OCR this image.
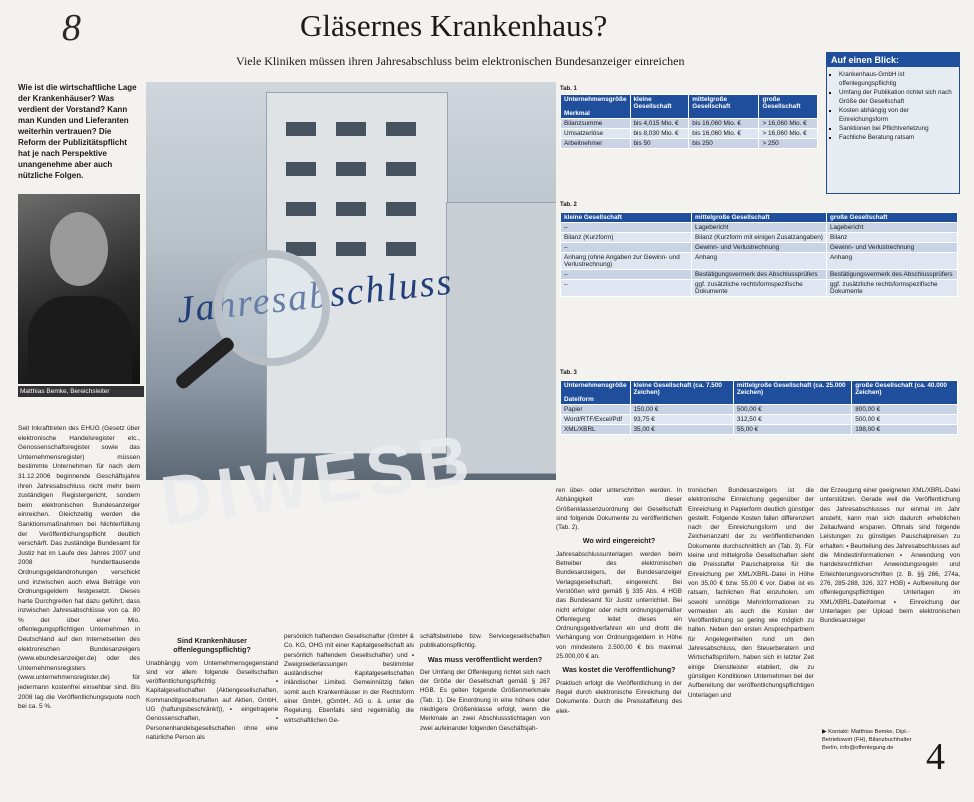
8	Gläsernes Krankenhaus?
Viele Kliniken müssen ihren Jahresabschluss beim elektronischen Bundesanzeiger einreichen
Wie ist die wirtschaftliche Lage der Krankenhäuser? Was verdient der Vorstand? Kann man Kunden und Lieferanten weiterhin vertrauen? Die Reform der Publizitätspflicht hat je nach Perspektive unangenehme aber auch nützliche Folgen.
Matthias Bemke, Bereichsleiter
Seit Inkrafttreten des EHUG (Gesetz über elektronische Handelsregister etc., Genossenschaftsregister sowie das Unternehmensregister) müssen bestimmte Unternehmen für nach dem 31.12.2006 beginnende Geschäftsjahre ihren Jahresabschluss nicht mehr beim zuständigen Registergericht, sondern beim elektronischen Bundesanzeiger einreichen. Gleichzeitig werden die Sanktionsmaßnahmen bei Nichterfüllung der Veröffentlichungspflicht deutlich verschärft. Das zuständige Bundesamt für Justiz hat im Laufe des Jahres 2007 und 2008 hunderttausende Ordnungsgeldandrohungen verschickt und inzwischen auch etwa Beträge von Ordnungsgeldern festgesetzt. Dieses harte Durchgreifen hat dazu geführt, dass inzwischen Jahresabschlüsse von ca. 80 % der über einer Mio. offenlegungspflichtigen Unternehmen in Deutschland auf den Internetseiten des elektronischen Bundesanzeigers (www.ebundesanzeiger.de) oder des Unternehmensregisters (www.unternehmensregister.de) für jedermann kostenfrei einsehbar sind. Bis 2008 lag die Veröffentlichungsquote noch bei ca. 5 %.
Jahresabschluss
DIWESB
Sind Krankenhäuser offenlegungspflichtig?
Unabhängig vom Unternehmensgegenstand sind vor allem folgende Gesellschaften veröffentlichungspflichtig: ▪ Kapitalgesellschaften (Aktiengesellschaften, Kommanditgesellschaften auf Aktien, GmbH, UG (haftungsbeschränkt)), ▪ eingetragene Genossenschaften, ▪ Personenhandelsgesellschaften ohne eine natürliche Person als
persönlich haftenden Gesellschafter (GmbH & Co. KG, OHG mit einer Kapitalgesellschaft als persönlich haftendem Gesellschafter) und ▪ Zweigniederlassungen bestimmter ausländischer Kapitalgesellschaften inländischer Limited. Gemeinnützig fallen somit auch Krankenhäuser in der Rechtsform einer GmbH, gGmbH, AG o. ä. unter die Regelung. Ebenfalls sind regelmäßig die wirtschaftlichen Ge-
schäftsbetriebe bzw. Servicegesellschaften publikationspflichtig.
Was muss veröffentlicht werden?
Der Umfang der Offenlegung richtet sich nach der Größe der Gesellschaft gemäß § 267 HGB. Es gelten folgende Größenmerkmale (Tab. 1). Die Einordnung in eine höhere oder niedrigere Größenklasse erfolgt, wenn die Merkmale an zwei Abschlussstichtagen von zwei aufeinander folgenden Geschäftsjah-
ren über- oder unterschritten werden. In Abhängigkeit von dieser Größenklassenzuordnung der Gesellschaft sind folgende Dokumente zu veröffentlichen (Tab. 2).
Wo wird eingereicht?
Jahresabschlussunterlagen werden beim Betreiber des elektronischen Bundesanzeigers, der Bundesanzeiger Verlagsgesellschaft, eingereicht. Bei Verstößen wird gemäß § 335 Abs. 4 HGB das Bundesamt für Justiz unterrichtet. Bei nicht erfolgter oder nicht ordnungsgemäßer Offenlegung leitet dieses ein Ordnungsgeldverfahren ein und droht die Verhängung von Ordnungsgeldern in Höhe von mindestens 2.500,00 € bis maximal 25.000,00 € an.
Was kostet die Veröffentlichung?
Praktisch erfolgt die Veröffentlichung in der Regel durch elektronische Einreichung der Dokumente. Durch die Preisstaffelung des elek-
tronischen Bundesanzeigers ist die elektronische Einreichung gegenüber der Einreichung in Papierform deutlich günstiger gestellt. Folgende Kosten fallen differenziert nach der Einreichungsform und der Zeichenanzahl der zu veröffentlichenden Dokumente durchschnittlich an (Tab. 3). Für kleine und mittelgroße Gesellschaften sieht die Preisstaffel Pauschalpreise für die Einreichung per XML/XBRL-Datei in Höhe von 35,00 € bzw. 55,00 € vor. Dabei ist es ratsam, fachlichen Rat einzuholen, um sowohl unnötige Mehrinformationen zu vermeiden als auch die Kosten der Veröffentlichung so gering wie möglich zu halten. Neben den ersten Ansprechpartnern für Angelegenheiten rund um den Jahresabschluss, den Steuerberatern und Wirtschaftsprüfern, haben sich in letzter Zeit einige Dienstleister etabliert, die zu günstigen Konditionen Unternehmen bei der Aufbereitung der veröffentlichungspflichtigen Unterlagen und
der Erzeugung einer geeigneten XML/XBRL-Datei unterstützen. Gerade weil die Veröffentlichung des Jahresabschlusses nur einmal im Jahr ansteht, kann man sich dadurch erheblichen Zeitaufwand ersparen. Oftmals sind folgende Leistungen zu günstigen Pauschalpreisen zu erhalten: ▪ Beurteilung des Jahresabschlusses auf die Mindestinformationen ▪ Anwendung von handelsrechtlichen Anwendungsregeln und Erleichterungsvorschriften (z. B. §§ 266, 274a, 276, 285-288, 326, 327 HGB) ▪ Aufbereitung der offenlegungspflichtigen Unterlagen im XML/XBRL-Dateiformat ▪ Einreichung der Unterlagen per Upload beim elektronischen Bundesanzeiger
Tab. 1
Unternehmensgröße

Merkmal	kleine Gesellschaft	mittelgroße Gesellschaft	große Gesellschaft
Bilanzsumme	bis 4,015 Mio. €	bis 16,060 Mio. €	> 16,060 Mio. €
Umsatzerlöse	bis 8,030 Mio. €	bis 16,060 Mio. €	> 16,060 Mio. €
Arbeitnehmer	bis 50	bis 250	> 250
Auf einen Blick:
▪ Krankenhaus-GmbH ist offenlegungspflichtig
▪ Umfang der Publikation richtet sich nach Größe der Gesellschaft
▪ Kosten abhängig von der Einreichungsform
▪ Sanktionen bei Pflichtverletzung
▪ Fachliche Beratung ratsam
Tab. 2
kleine Gesellschaft	mittelgroße Gesellschaft	große Gesellschaft
–	Lagebericht	Lagebericht
Bilanz (Kurzform)	Bilanz (Kurzform mit einigen Zusatzangaben)	Bilanz
–	Gewinn- und Verlustrechnung	Gewinn- und Verlustrechnung
Anhang (ohne Angaben zur Gewinn- und Verlustrechnung)	Anhang	Anhang
–	Bestätigungsvermerk des Abschlussprüfers	Bestätigungsvermerk des Abschlussprüfers
–	ggf. zusätzliche rechtsformspezifische Dokumente	ggf. zusätzliche rechtsformspezifische Dokumente
Tab. 3
Unternehmensgröße

Dateiform	kleine Gesellschaft (ca. 7.500 Zeichen)	mittelgroße Gesellschaft (ca. 25.000 Zeichen)	große Gesellschaft (ca. 40.000 Zeichen)
Papier	150,00 €	500,00 €	800,00 €
Word/RTF/Excel/Pdf	93,75 €	312,50 €	500,00 €
XML/XBRL	35,00 €	55,00 €	198,00 €
▶ Kontakt: Matthias Bemke, Dipl.-Betriebswirt (FH), Bilanzbuchhalter Berlin, info@offenlegung.de 4
